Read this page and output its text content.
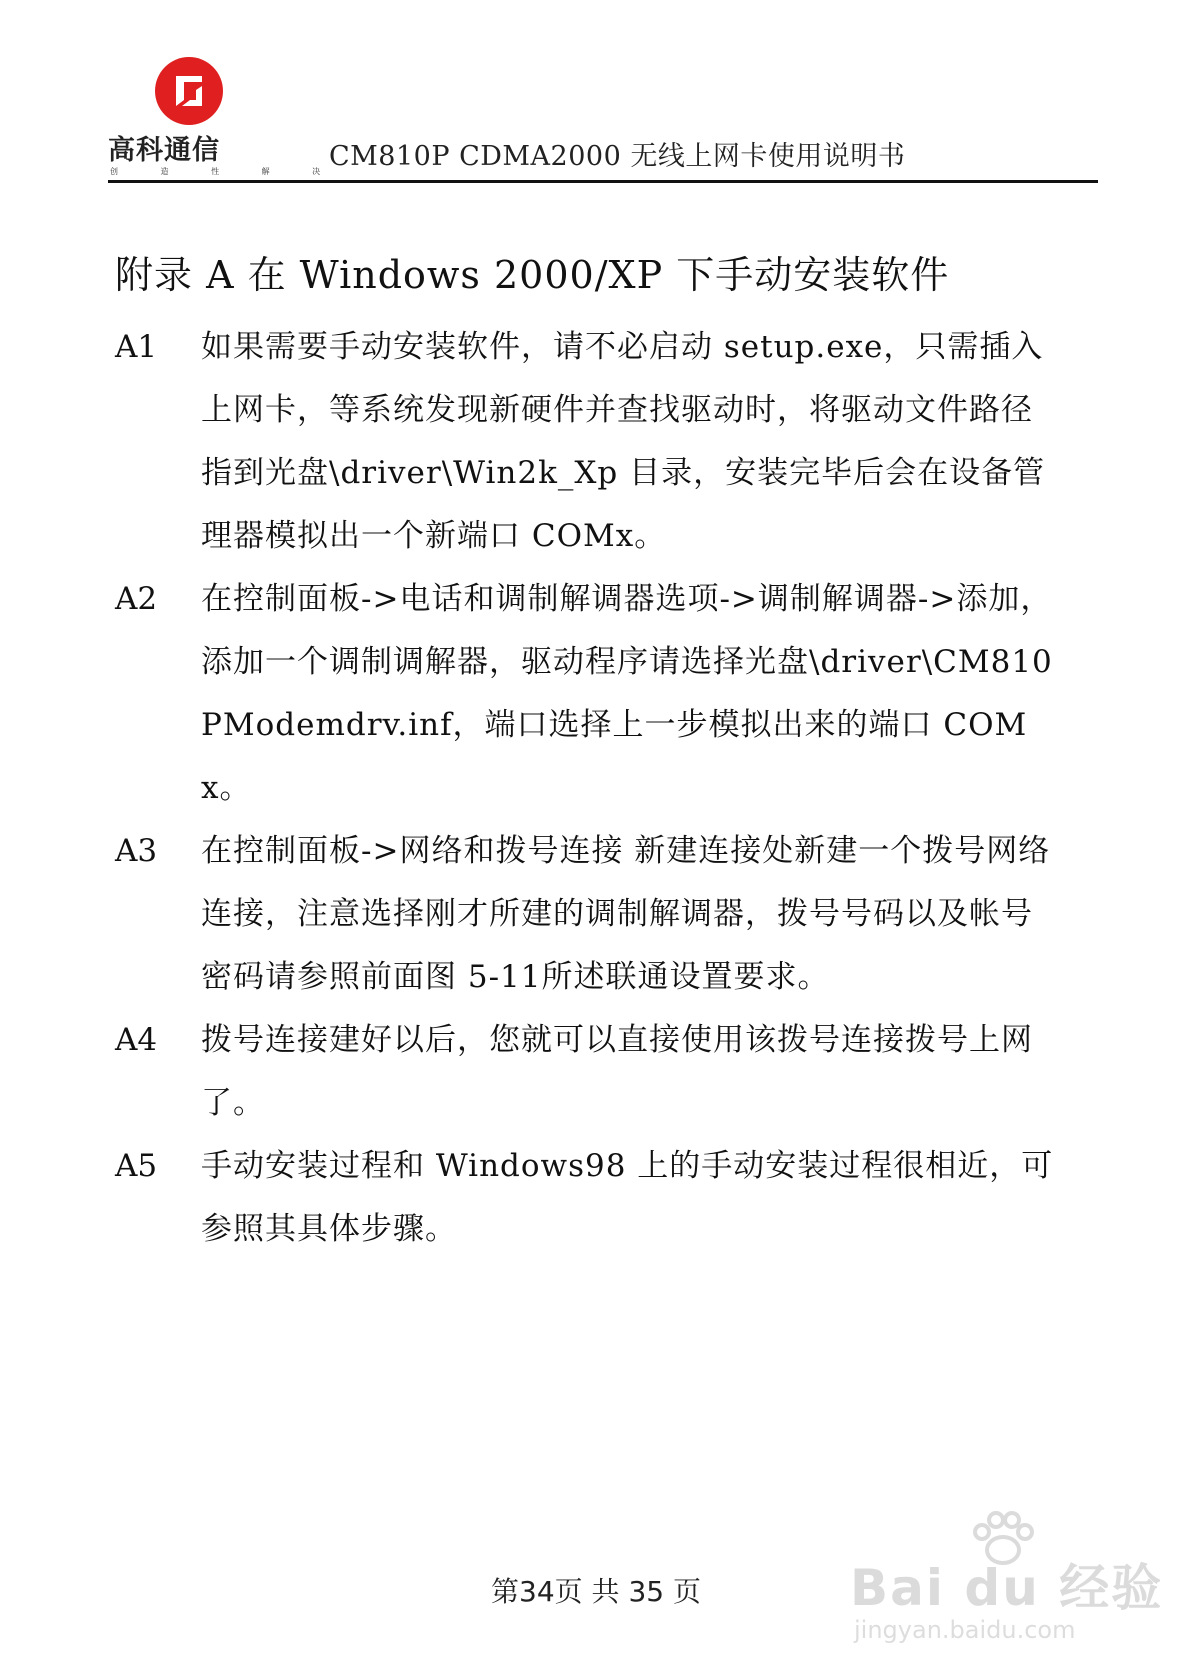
高科通信
创 造 性 解 决
CM810P CDMA2000 无线上网卡使用说明书
附录 A 在 Windows 2000/XP 下手动安装软件
A1	如果需要手动安装软件，请不必启动 setup.exe，只需插入上网卡，等系统发现新硬件并查找驱动时，将驱动文件路径指到光盘\driver\Win2k_Xp 目录，安装完毕后会在设备管理器模拟出一个新端口 COMx。
A2	在控制面板->电话和调制解调器选项->调制解调器->添加，添加一个调制调解器，驱动程序请选择光盘\driver\CM810PModemdrv.inf，端口选择上一步模拟出来的端口 COMx。
A3	在控制面板->网络和拨号连接 新建连接处新建一个拨号网络连接，注意选择刚才所建的调制解调器，拨号号码以及帐号密码请参照前面图 5-11所述联通设置要求。
A4	拨号连接建好以后，您就可以直接使用该拨号连接拨号上网了。
A5	手动安装过程和 Windows98 上的手动安装过程很相近，可参照其具体步骤。
第34页 共 35 页	Bai du 经验
jingyan.baidu.com
